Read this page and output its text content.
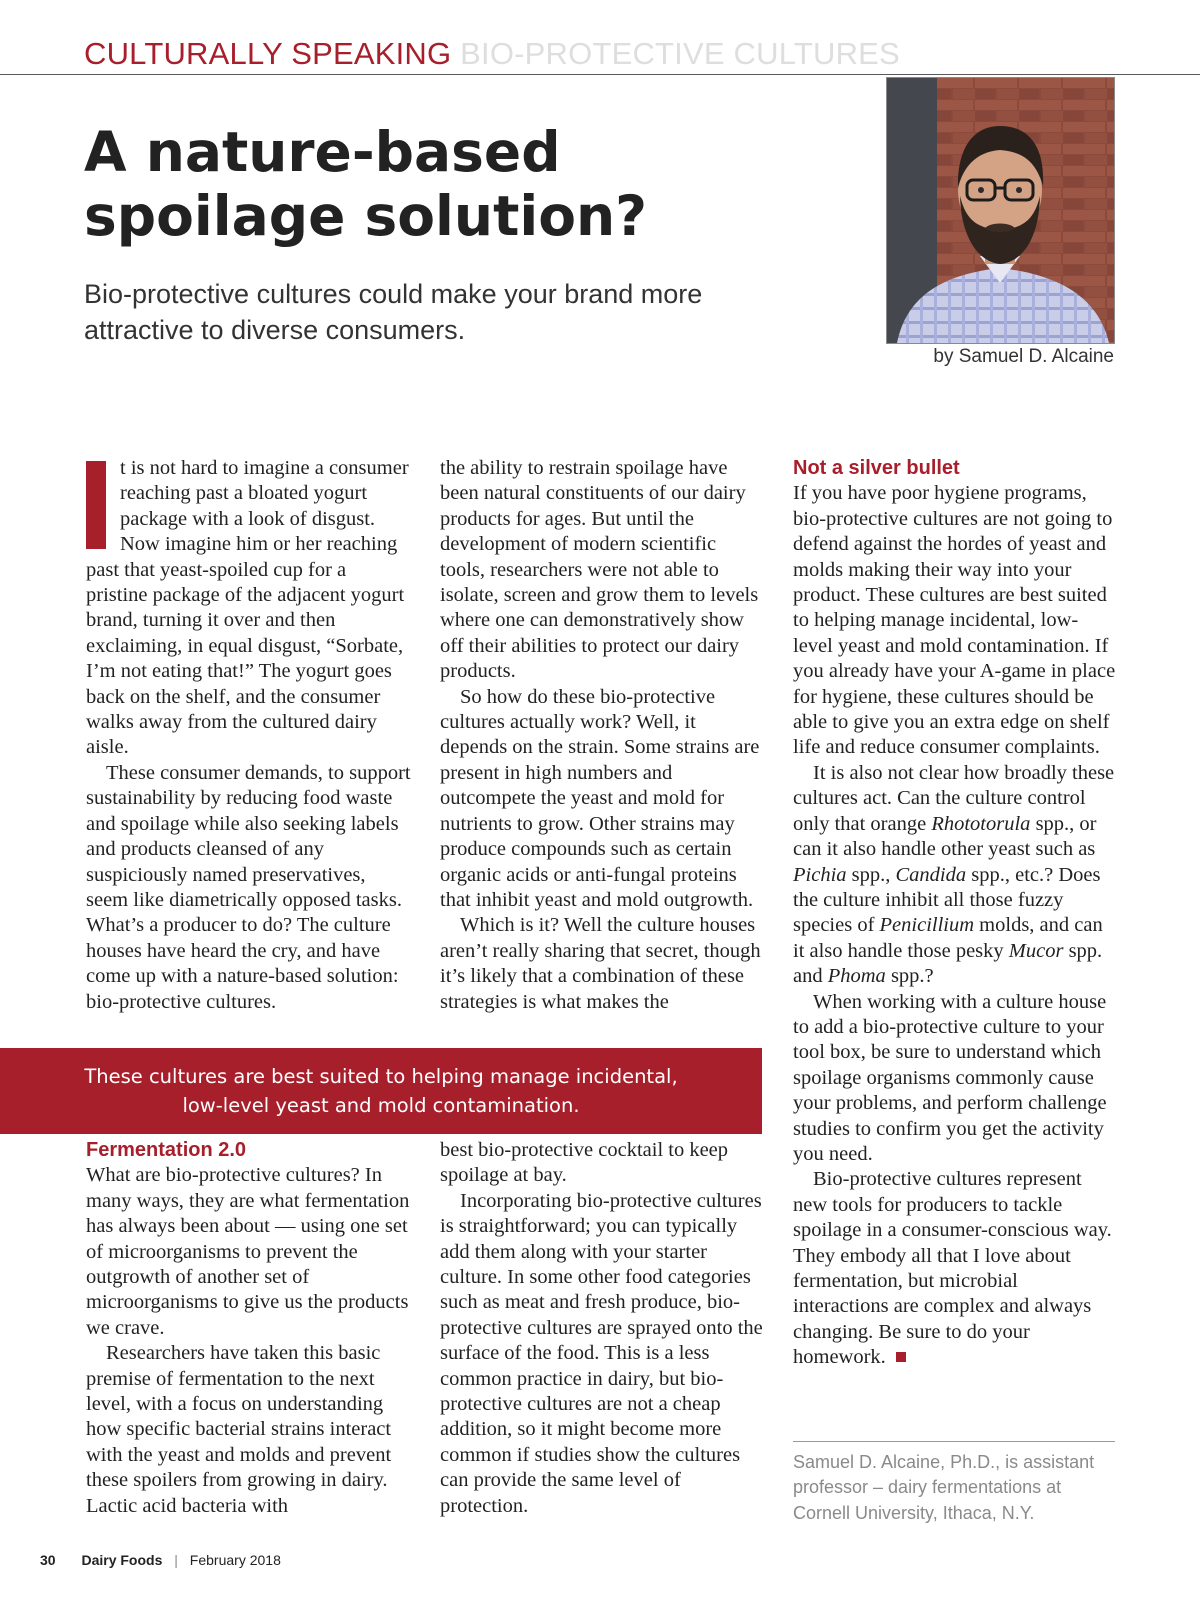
CULTURALLY SPEAKING BIO-PROTECTIVE CULTURES
A nature-based
spoilage solution?

Bio-protective cultures could make your brand more
attractive to diverse consumers.

by Samuel D. Alcaine

t is not hard to imagine a consumer reaching past a bloated yogurt package with a look of disgust. Now imagine him or her reaching past that yeast-spoiled cup for a pristine package of the adjacent yogurt brand, turning it over and then exclaiming, in equal disgust, “Sorbate, I’m not eating that!” The yogurt goes back on the shelf, and the consumer walks away from the cultured dairy aisle.

These consumer demands, to support sustainability by reducing food waste and spoilage while also seeking labels and products cleansed of any suspiciously named preservatives, seem like diametrically opposed tasks. What’s a producer to do? The culture houses have heard the cry, and have come up with a nature-based solution: bio-protective cultures.

the ability to restrain spoilage have been natural constituents of our dairy products for ages. But until the development of modern scientific tools, researchers were not able to isolate, screen and grow them to levels where one can demonstratively show off their abilities to protect our dairy products.

So how do these bio-protective cultures actually work? Well, it depends on the strain. Some strains are present in high numbers and outcompete the yeast and mold for nutrients to grow. Other strains may produce compounds such as certain organic acids or anti-fungal proteins that inhibit yeast and mold outgrowth.

Which is it? Well the culture houses aren’t really sharing that secret, though it’s likely that a combination of these strategies is what makes the

These cultures are best suited to helping manage incidental, low-level yeast and mold contamination.
Fermentation 2.0

What are bio-protective cultures? In many ways, they are what fermentation has always been about — using one set of microorganisms to prevent the outgrowth of another set of microorganisms to give us the products we crave.

Researchers have taken this basic premise of fermentation to the next level, with a focus on understanding how specific bacterial strains interact with the yeast and molds and prevent these spoilers from growing in dairy. Lactic acid bacteria with

best bio-protective cocktail to keep spoilage at bay.

Incorporating bio-protective cultures is straightforward; you can typically add them along with your starter culture. In some other food categories such as meat and fresh produce, bio-protective cultures are sprayed onto the surface of the food. This is a less common practice in dairy, but bio-protective cultures are not a cheap addition, so it might become more common if studies show the cultures can provide the same level of protection.

Not a silver bullet

If you have poor hygiene programs, bio-protective cultures are not going to defend against the hordes of yeast and molds making their way into your product. These cultures are best suited to helping manage incidental, low-level yeast and mold contamination. If you already have your A-game in place for hygiene, these cultures should be able to give you an extra edge on shelf life and reduce consumer complaints.

It is also not clear how broadly these cultures act. Can the culture control only that orange Rhototorula spp., or can it also handle other yeast such as Pichia spp., Candida spp., etc.? Does the culture inhibit all those fuzzy species of Penicillium molds, and can it also handle those pesky Mucor spp. and Phoma spp.?

When working with a culture house to add a bio-protective culture to your tool box, be sure to understand which spoilage organisms commonly cause your problems, and perform challenge studies to confirm you get the activity you need.

Bio-protective cultures represent new tools for producers to tackle spoilage in a consumer-conscious way. They embody all that I love about fermentation, but microbial interactions are complex and always changing. Be sure to do your homework.

Samuel D. Alcaine, Ph.D., is assistant professor – dairy fermentations at Cornell University, Ithaca, N.Y.

30 Dairy Foods | February 2018
